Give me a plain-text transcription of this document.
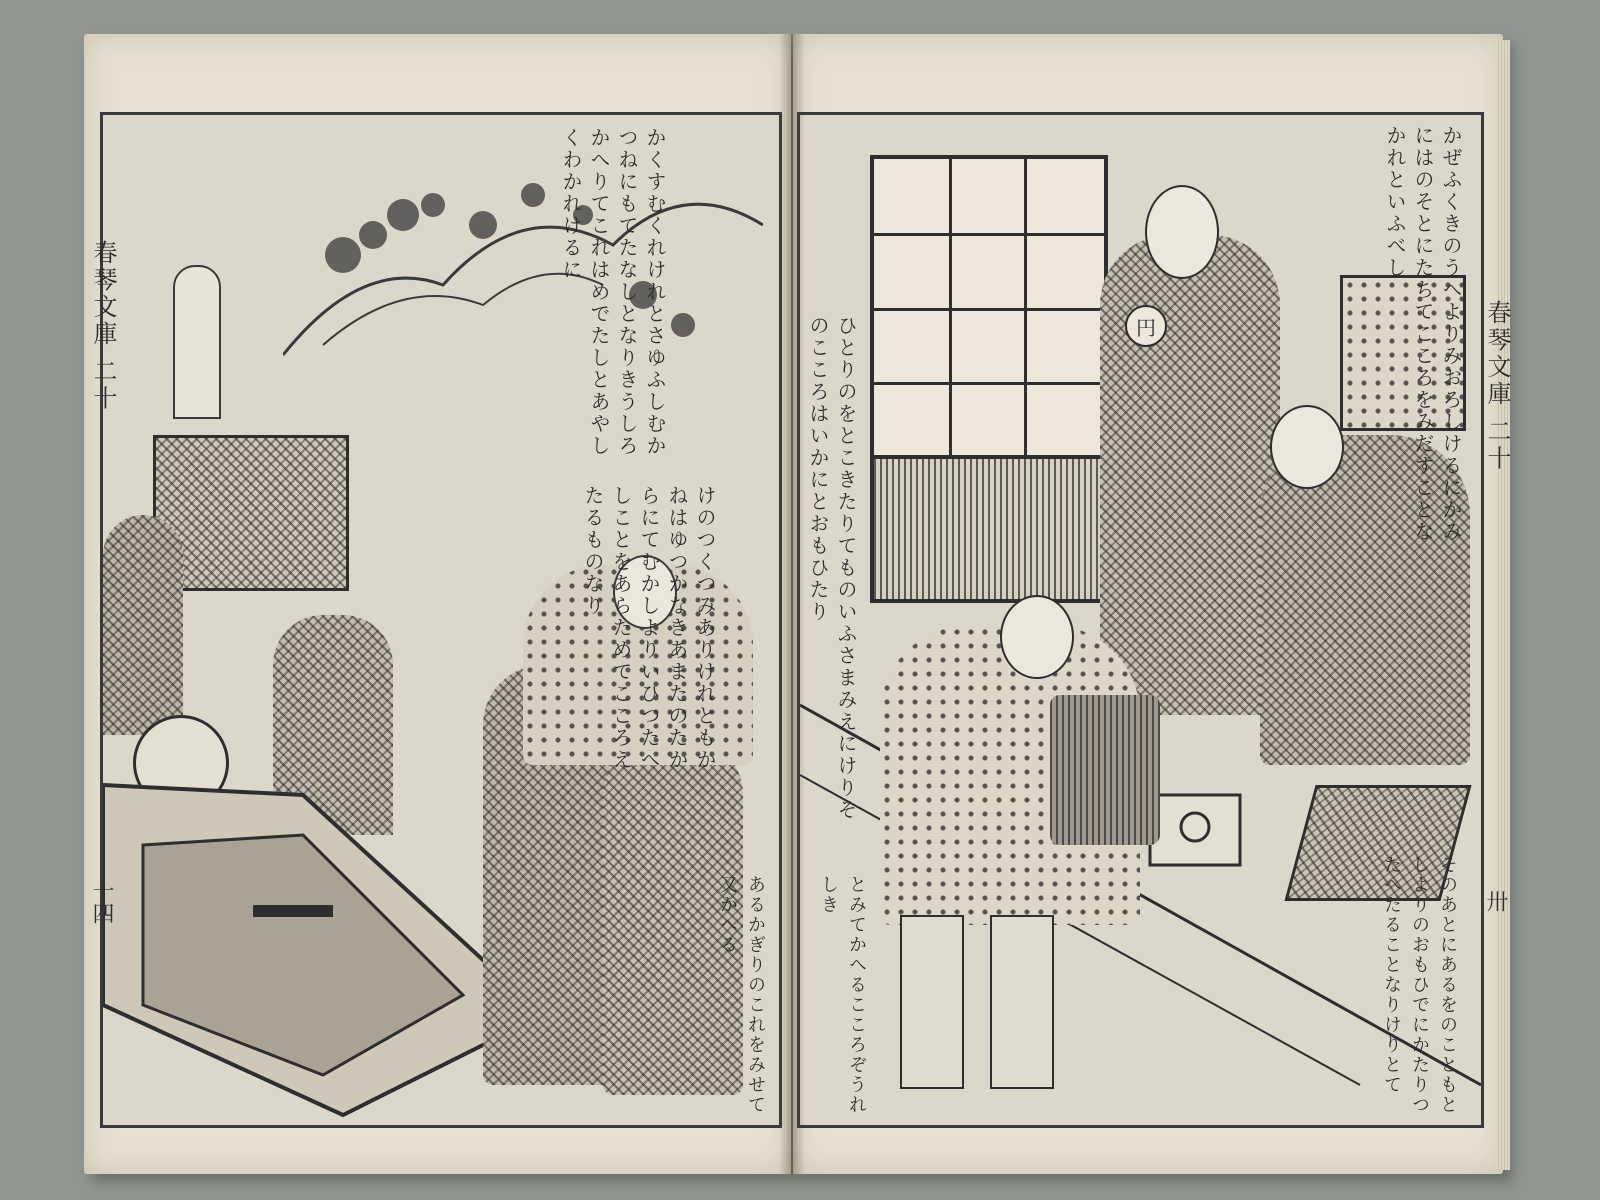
かくすむくれけれとさゆふしむかつねにもてたなしとなりきうしろかへりてこれはめでたしとあやしくわかれけるに
けのつくつみありけれともかねはゆつかなきあまたのたからにてむかしよりいひつたへしことをあらためてこころえたるものなり
あるかぎりのこれをみせて又かへる
円	かぜふくきのうへよりみおろしけるにかみにはのそとにたちてこころをみだすことなかれといふべし
ひとりのをとこきたりてものいふさまみえにけりそのこころはいかにとおもひたり
そのあとにあるをのこともとしよりのおもひでにかたりつたへたることなりけりとて
とみてかへるこころぞうれしき
春琴文庫 二十
十四
春琴文庫 二十
卅
